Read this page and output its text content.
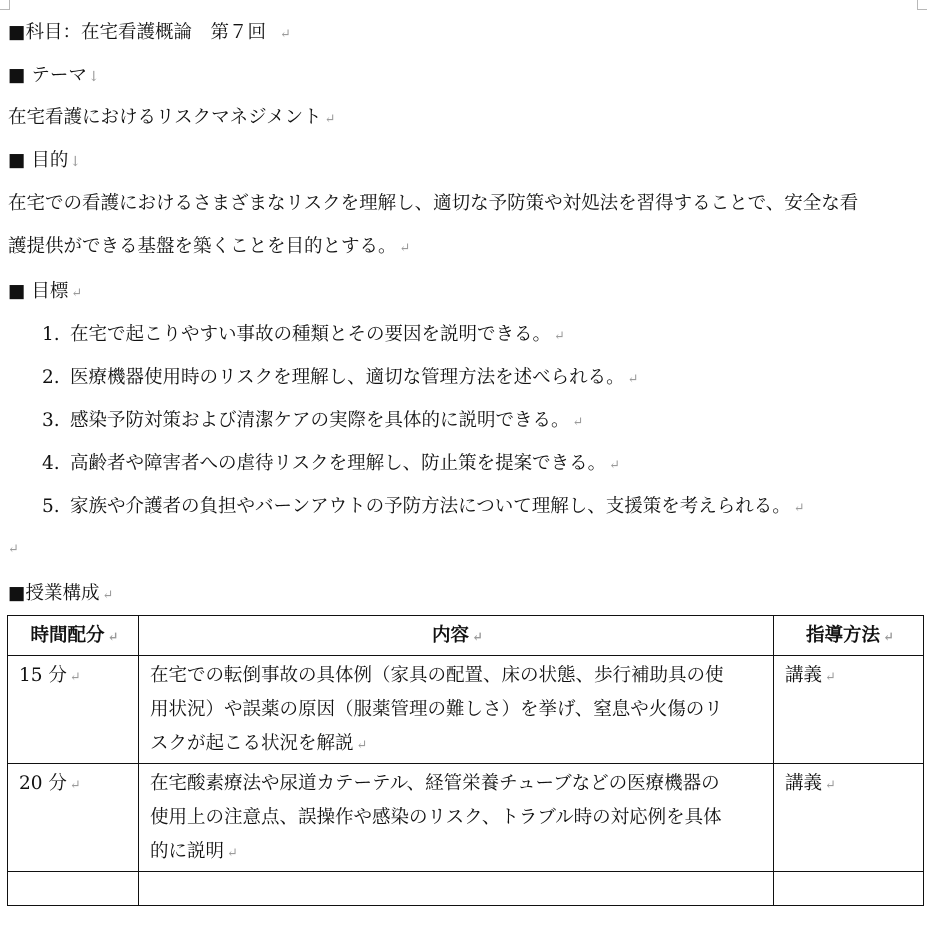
■科目：在宅看護概論　第７回 ↵
■ テーマ↓
在宅看護におけるリスクマネジメント ↵
■ 目的↓
在宅での看護におけるさまざまなリスクを理解し、適切な予防策や対処法を習得することで、安全な看
護提供ができる基盤を築くことを目的とする。 ↵
■ 目標 ↵
1. 在宅で起こりやすい事故の種類とその要因を説明できる。 ↵
2. 医療機器使用時のリスクを理解し、適切な管理方法を述べられる。 ↵
3. 感染予防対策および清潔ケアの実際を具体的に説明できる。 ↵
4. 高齢者や障害者への虐待リスクを理解し、防止策を提案できる。 ↵
5. 家族や介護者の負担やバーンアウトの予防方法について理解し、支援策を考えられる。 ↵
↵
■授業構成 ↵
時間配分 ↵	内容 ↵	指導方法 ↵
15 分 ↵	在宅での転倒事故の具体例（家具の配置、床の状態、歩行補助具の使
用状況）や誤薬の原因（服薬管理の難しさ）を挙げ、窒息や火傷のリ
スクが起こる状況を解説 ↵	講義 ↵
20 分 ↵	在宅酸素療法や尿道カテーテル、経管栄養チューブなどの医療機器の
使用上の注意点、誤操作や感染のリスク、トラブル時の対応例を具体
的に説明 ↵	講義 ↵
